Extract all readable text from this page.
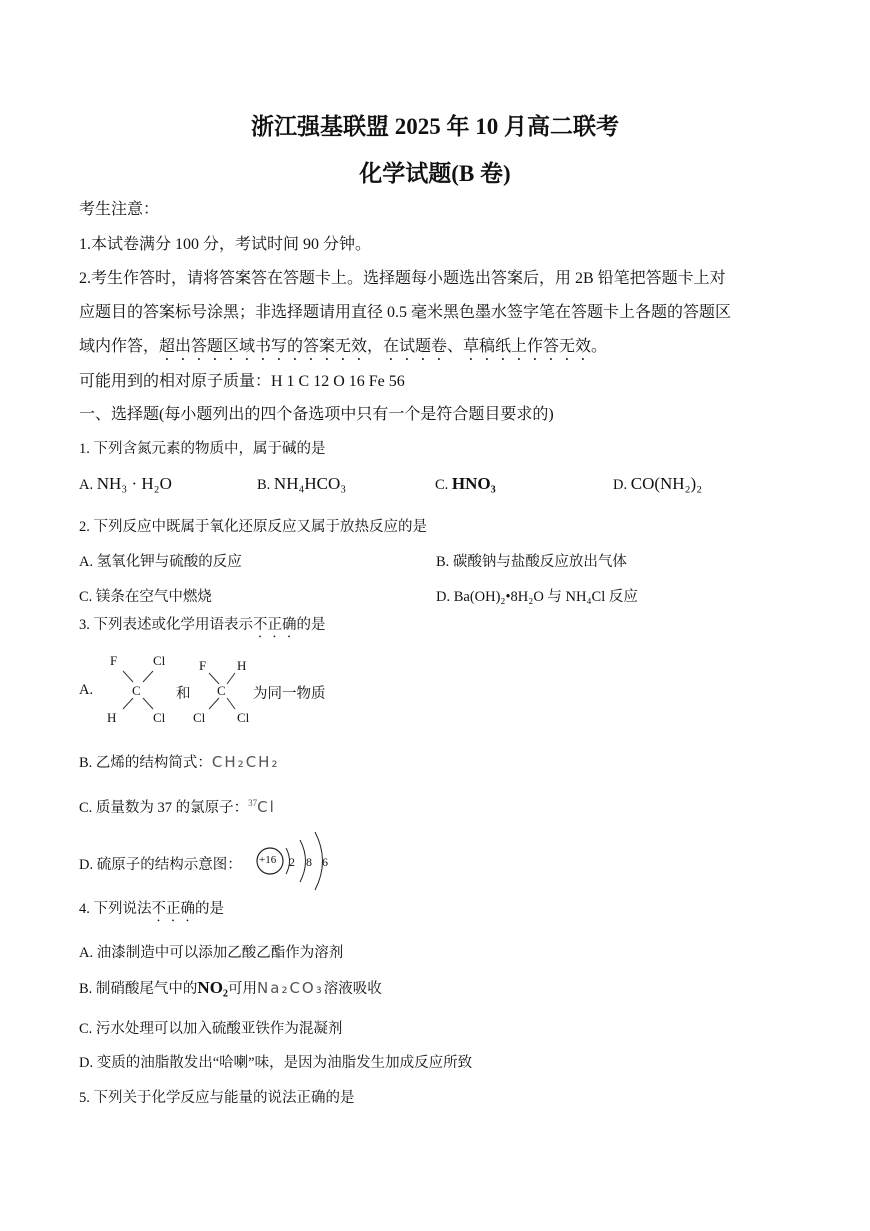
浙江强基联盟 2025 年 10 月高二联考
化学试题(B 卷)
考生注意：
1.本试卷满分 100 分，考试时间 90 分钟。
2.考生作答时，请将答案答在答题卡上。选择题每小题选出答案后，用 2B 铅笔把答题卡上对
应题目的答案标号涂黑；非选择题请用直径 0.5 毫米黑色墨水签字笔在答题卡上各题的答题区
域内作答，超出答题区域书写的答案无效，在试题卷、草稿纸上作答无效。
可能用到的相对原子质量：H 1 C 12 O 16 Fe 56
一、选择题(每小题列出的四个备选项中只有一个是符合题目要求的)
1. 下列含氮元素的物质中，属于碱的是
A. NH₃ · H₂O	B. NH₄HCO₃	C. HNO₃	D. CO(NH₂)₂
2. 下列反应中既属于氧化还原反应又属于放热反应的是
A. 氢氧化钾与硫酸的反应	B. 碳酸钠与盐酸反应放出气体
C. 镁条在空气中燃烧	D. Ba(OH)₂•8H₂O 与 NH₄Cl 反应
3. 下列表述或化学用语表示不正确的是
A.
F	Cl
C
H	Cl
和
F H
C
Cl Cl
为同一物质
B. 乙烯的结构简式：CH₂CH₂
C. 质量数为 37 的氯原子：$^{37}$Cl
D. 硫原子的结构示意图： +16 2 8 6
4. 下列说法不正确的是
A. 油漆制造中可以添加乙酸乙酯作为溶剂
B. 制硝酸尾气中的NO₂可用Na₂CO₃溶液吸收
C. 污水处理可以加入硫酸亚铁作为混凝剂
D. 变质的油脂散发出“哈喇”味，是因为油脂发生加成反应所致
5. 下列关于化学反应与能量的说法正确的是
